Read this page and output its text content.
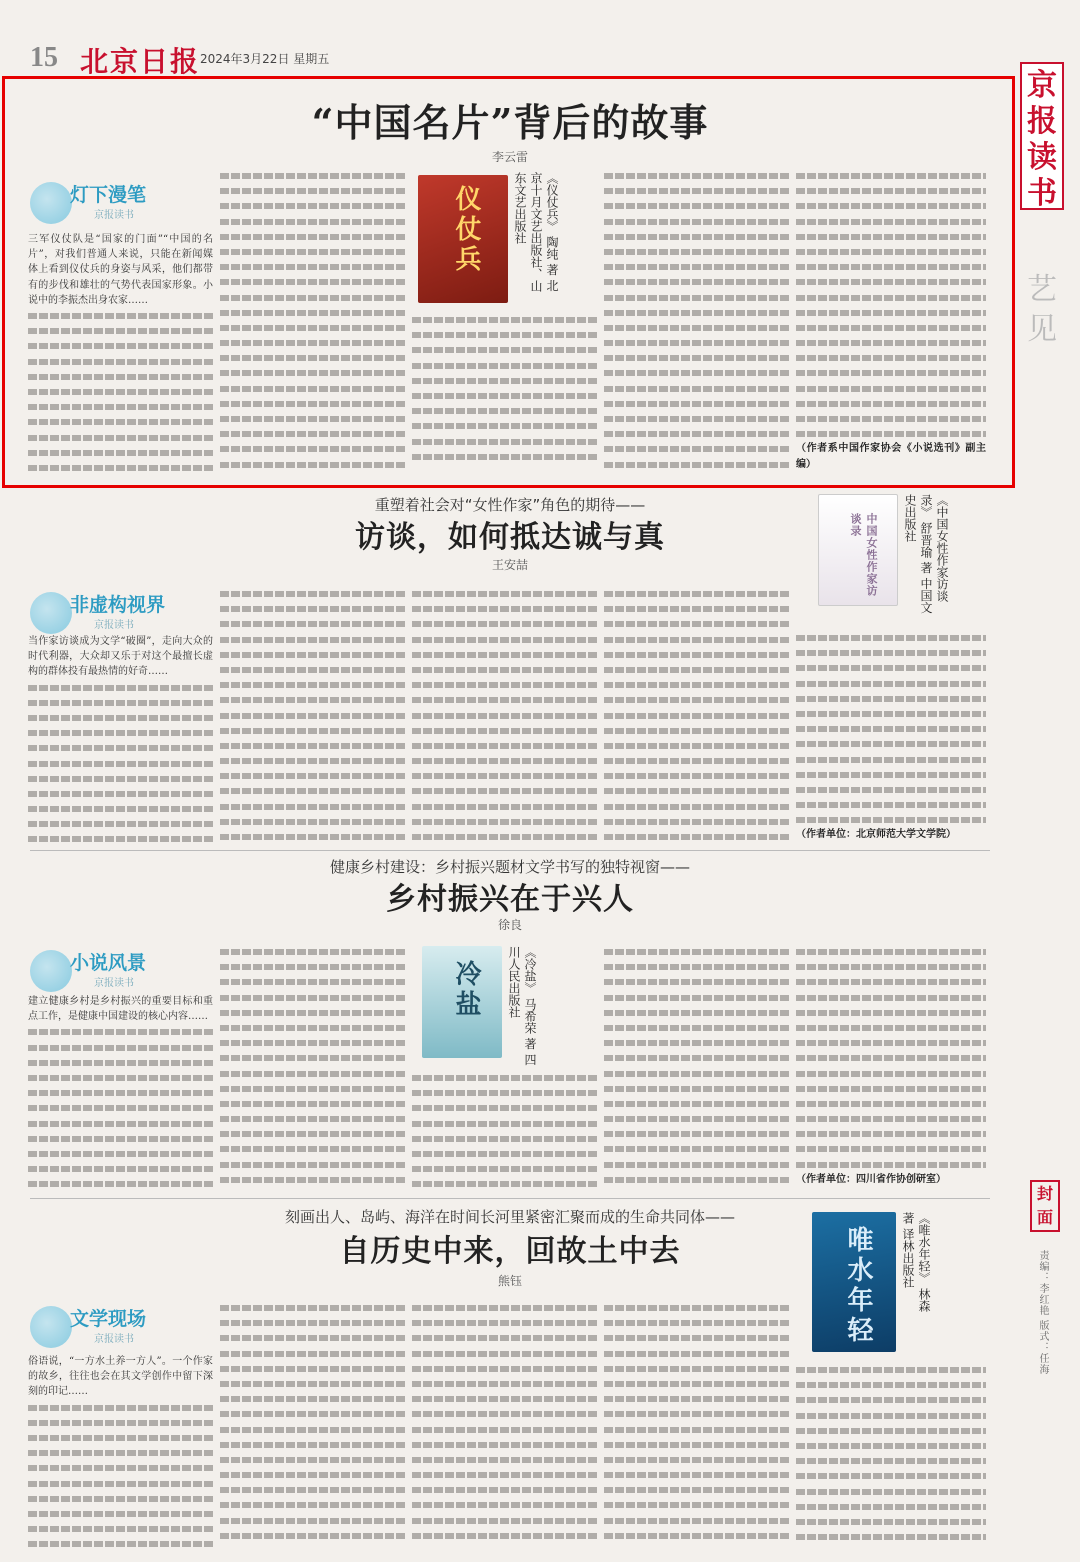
15 北京日报 2024年3月22日 星期五
京报读书
艺见
封面
责编：李红艳 版式：任海
“中国名片”背后的故事
李云雷
灯下漫笔
京报读书
三军仪仗队是“国家的门面”“中国的名片”，对我们普通人来说，只能在新闻媒体上看到仪仗兵的身姿与风采，他们都带有的步伐和雄壮的气势代表国家形象。小说中的李振杰出身农家……
仪仗兵	《仪仗兵》 陶纯 著 北京十月文艺出版社、山东文艺出版社
（作者系中国作家协会《小说选刊》副主编）
重塑着社会对“女性作家”角色的期待——
访谈，如何抵达诚与真
王安喆
非虚构视界
京报读书
当作家访谈成为文学“破圈”，走向大众的时代利器，大众却又乐于对这个最擅长虚构的群体投有最热情的好奇……
中国女性作家访谈录	《中国女性作家访谈录》 舒晋瑜 著 中国文史出版社
（作者单位：北京师范大学文学院）
健康乡村建设：乡村振兴题材文学书写的独特视窗——
乡村振兴在于兴人
徐良
小说风景
京报读书
建立健康乡村是乡村振兴的重要目标和重点工作，是健康中国建设的核心内容……	冷盐	《冷盐》 马希荣 著 四川人民出版社
（作者单位：四川省作协创研室）
刻画出人、岛屿、海洋在时间长河里紧密汇聚而成的生命共同体——
自历史中来，回故土中去
熊钰
文学现场
京报读书
俗语说，“一方水土养一方人”。一个作家的故乡，往往也会在其文学创作中留下深刻的印记……
唯水年轻	《唯水年轻》 林森 著 译林出版社
